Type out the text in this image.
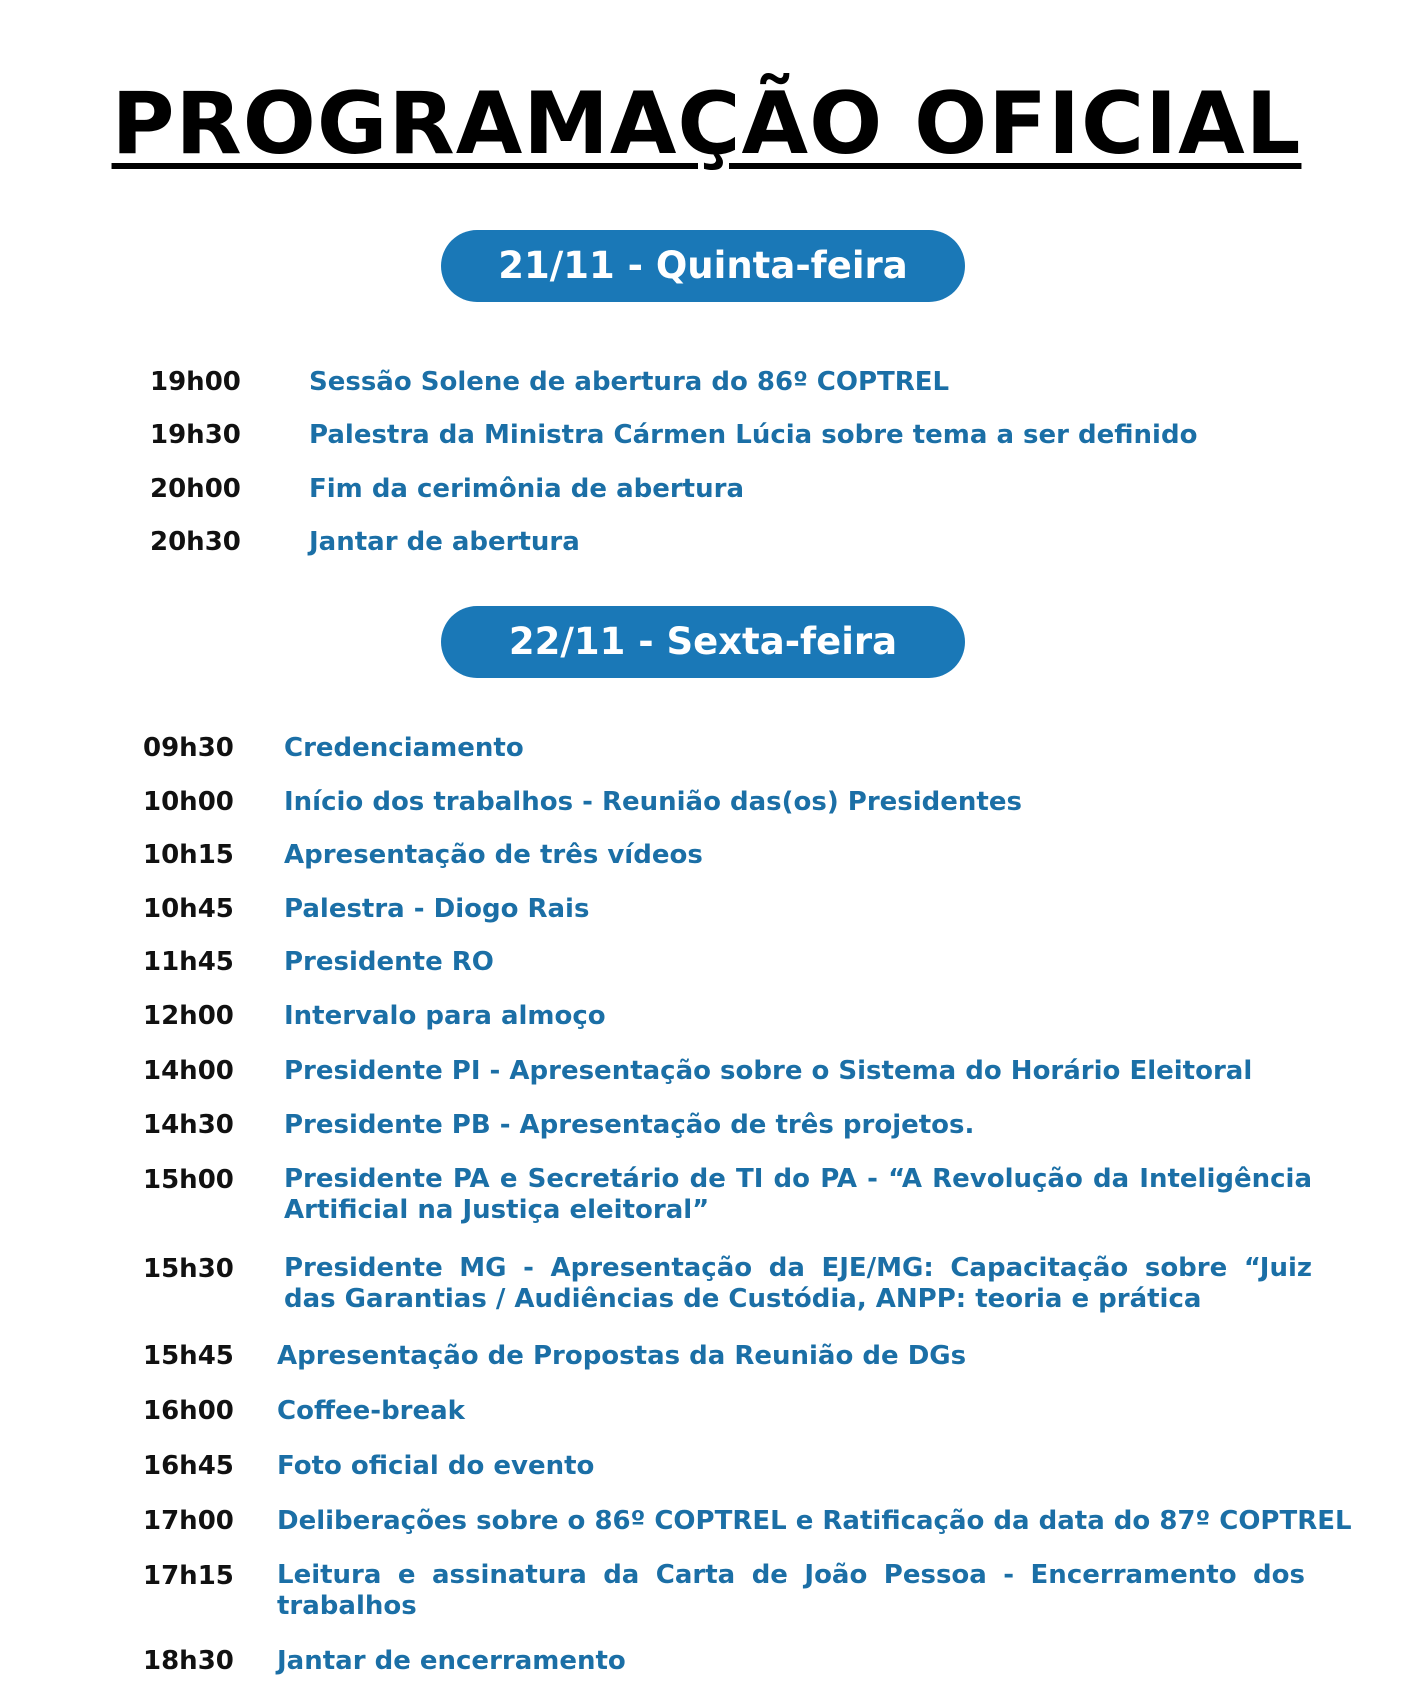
PROGRAMAÇÃO OFICIAL
21/11 - Quinta-feira
19h00	Sessão Solene de abertura do 86º COPTREL
19h30	Palestra da Ministra Cármen Lúcia sobre tema a ser definido
20h00	Fim da cerimônia de abertura
20h30	Jantar de abertura
22/11 - Sexta-feira
09h30	Credenciamento
10h00	Início dos trabalhos - Reunião das(os) Presidentes
10h15	Apresentação de três vídeos
10h45	Palestra - Diogo Rais
11h45	Presidente RO
12h00	Intervalo para almoço
14h00	Presidente PI - Apresentação sobre o Sistema do Horário Eleitoral
14h30	Presidente PB - Apresentação de três projetos.
15h00	Presidente PA e Secretário de TI do PA - “A Revolução da Inteligência Artificial na Justiça eleitoral”
15h30	Presidente MG - Apresentação da EJE/MG: Capacitação sobre “Juiz das Garantias / Audiências de Custódia, ANPP: teoria e prática
15h45	Apresentação de Propostas da Reunião de DGs
16h00	Coffee-break
16h45	Foto oficial do evento
17h00	Deliberações sobre o 86º COPTREL e Ratificação da data do 87º COPTREL
17h15	Leitura e assinatura da Carta de João Pessoa - Encerramento dos trabalhos
18h30	Jantar de encerramento
